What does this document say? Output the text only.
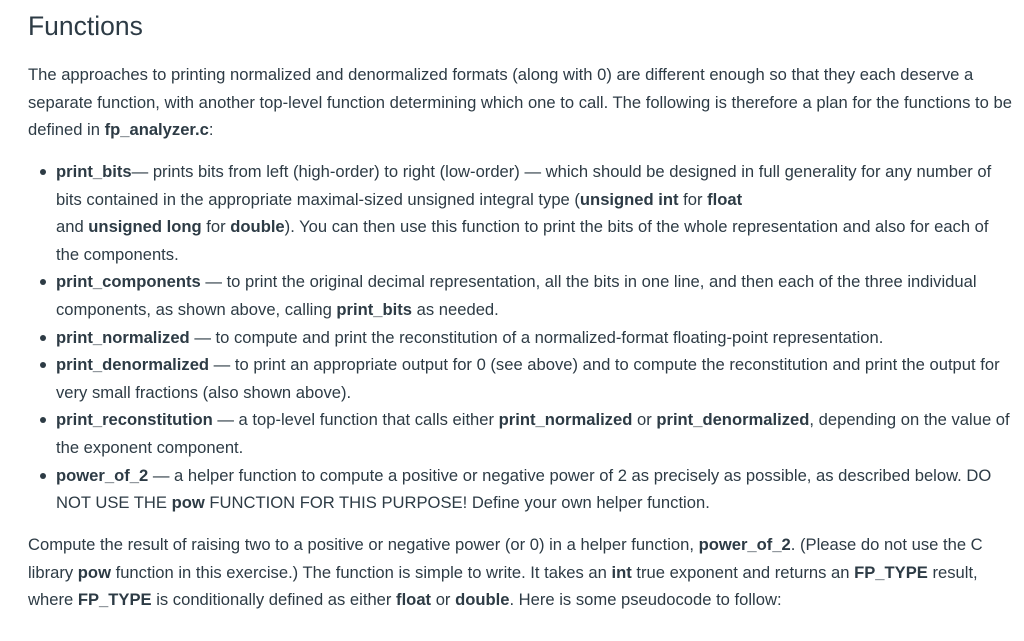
Functions

The approaches to printing normalized and denormalized formats (along with 0) are different enough so that they each deserve a separate function, with another top-level function determining which one to call. The following is therefore a plan for the functions to be defined in fp_analyzer.c:

print_bits— prints bits from left (high-order) to right (low-order) — which should be designed in full generality for any number of bits contained in the appropriate maximal-sized unsigned integral type (unsigned int for float
and unsigned long for double). You can then use this function to print the bits of the whole representation and also for each of the components.
print_components — to print the original decimal representation, all the bits in one line, and then each of the three individual components, as shown above, calling print_bits as needed.
print_normalized — to compute and print the reconstitution of a normalized-format floating-point representation.
print_denormalized — to print an appropriate output for 0 (see above) and to compute the reconstitution and print the output for very small fractions (also shown above).
print_reconstitution — a top-level function that calls either print_normalized or print_denormalized, depending on the value of the exponent component.
power_of_2 — a helper function to compute a positive or negative power of 2 as precisely as possible, as described below. DO NOT USE THE pow FUNCTION FOR THIS PURPOSE! Define your own helper function.

Compute the result of raising two to a positive or negative power (or 0) in a helper function, power_of_2. (Please do not use the C library pow function in this exercise.) The function is simple to write. It takes an int true exponent and returns an FP_TYPE result, where FP_TYPE is conditionally defined as either float or double. Here is some pseudocode to follow:
